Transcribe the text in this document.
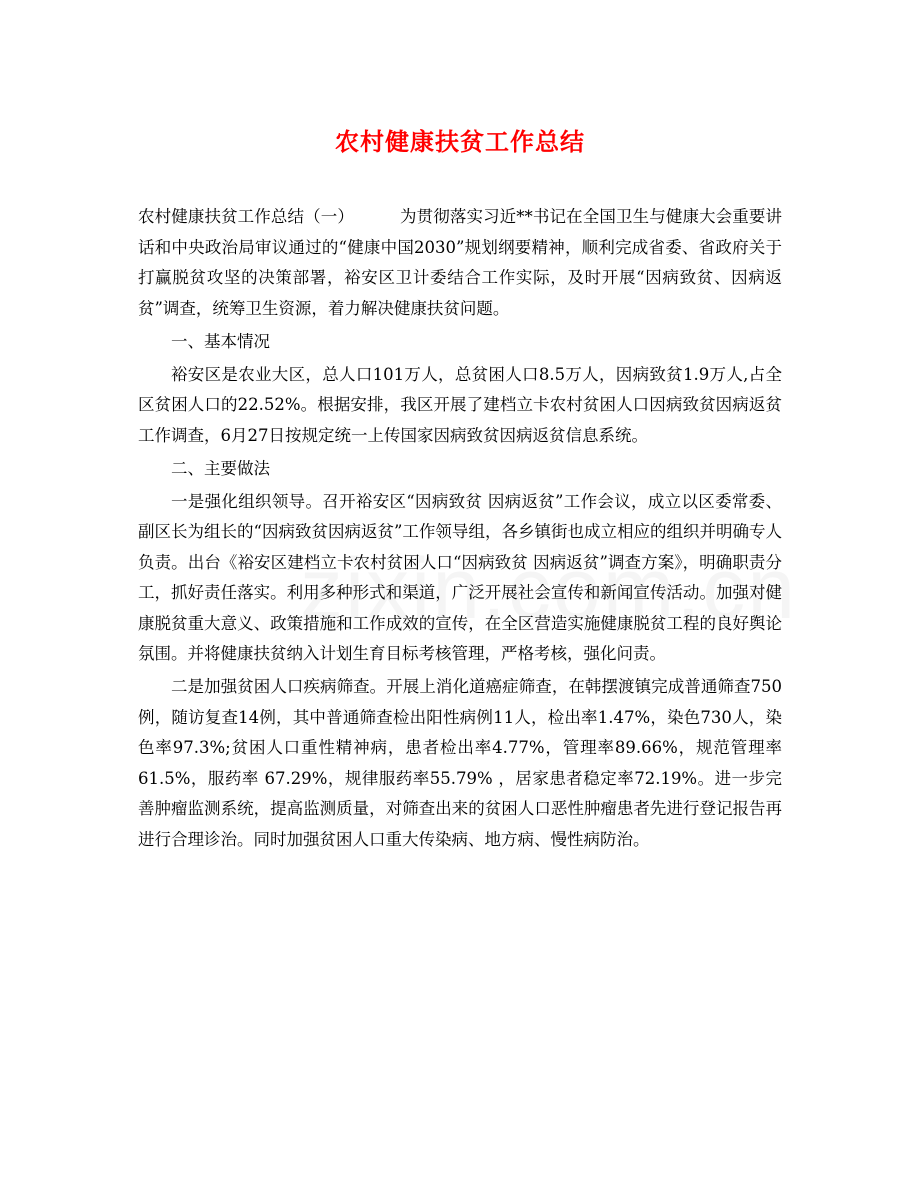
农村健康扶贫工作总结

农村健康扶贫工作总结（一）	为贯彻落实习近**书记在全国卫生与健康大会重要讲话和中央政治局审议通过的“健康中国2030”规划纲要精神，顺利完成省委、省政府关于打赢脱贫攻坚的决策部署，裕安区卫计委结合工作实际，及时开展“因病致贫、因病返贫”调查，统筹卫生资源，着力解决健康扶贫问题。

一、基本情况

裕安区是农业大区，总人口101万人，总贫困人口8.5万人，因病致贫1.9万人,占全区贫困人口的22.52%。根据安排，我区开展了建档立卡农村贫困人口因病致贫因病返贫工作调查，6月27日按规定统一上传国家因病致贫因病返贫信息系统。

二、主要做法

一是强化组织领导。召开裕安区“因病致贫 因病返贫”工作会议，成立以区委常委、副区长为组长的“因病致贫因病返贫”工作领导组，各乡镇街也成立相应的组织并明确专人负责。出台《裕安区建档立卡农村贫困人口“因病致贫 因病返贫”调查方案》，明确职责分工，抓好责任落实。利用多种形式和渠道，广泛开展社会宣传和新闻宣传活动。加强对健康脱贫重大意义、政策措施和工作成效的宣传，在全区营造实施健康脱贫工程的良好舆论氛围。并将健康扶贫纳入计划生育目标考核管理，严格考核，强化问责。

二是加强贫困人口疾病筛查。开展上消化道癌症筛查，在韩摆渡镇完成普通筛查750例，随访复查14例，其中普通筛查检出阳性病例11人，检出率1.47%，染色730人，染色率97.3%;贫困人口重性精神病，患者检出率4.77%，管理率89.66%，规范管理率61.5%，服药率 67.29%，规律服药率55.79% ，居家患者稳定率72.19%。进一步完善肿瘤监测系统，提高监测质量，对筛查出来的贫困人口恶性肿瘤患者先进行登记报告再进行合理诊治。同时加强贫困人口重大传染病、地方病、慢性病防治。
